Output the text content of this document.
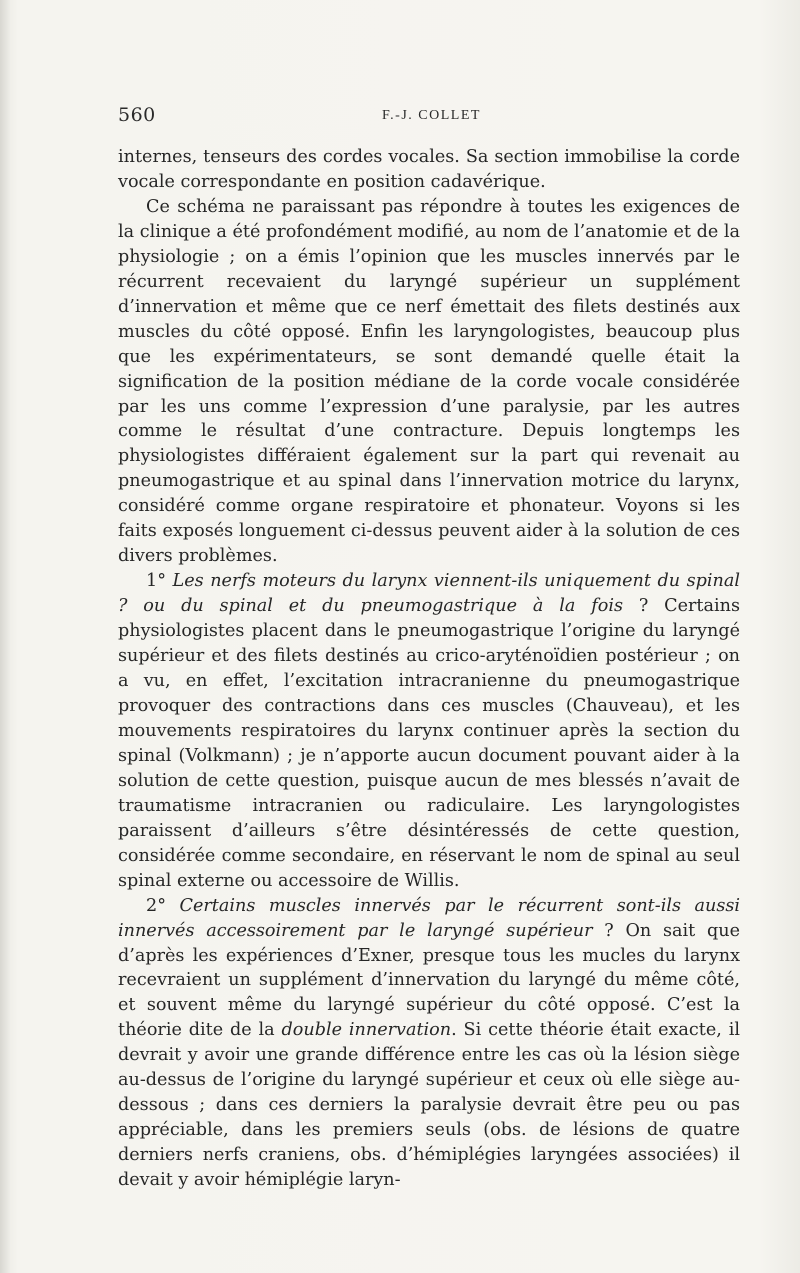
560	F.-J. COLLET

internes, tenseurs des cordes vocales. Sa section immobilise la corde vocale correspondante en position cadavérique.

Ce schéma ne paraissant pas répondre à toutes les exigences de la clinique a été profondément modifié, au nom de l’anatomie et de la physiologie ; on a émis l’opinion que les muscles innervés par le récurrent recevaient du laryngé supérieur un supplément d’innervation et même que ce nerf émettait des filets destinés aux muscles du côté opposé. Enfin les laryngologistes, beaucoup plus que les expérimentateurs, se sont demandé quelle était la signification de la position médiane de la corde vocale considérée par les uns comme l’expression d’une paralysie, par les autres comme le résultat d’une contracture. Depuis longtemps les physiologistes différaient également sur la part qui revenait au pneumogastrique et au spinal dans l’innervation motrice du larynx, considéré comme organe respiratoire et phonateur. Voyons si les faits exposés longuement ci-dessus peuvent aider à la solution de ces divers problèmes.

1° Les nerfs moteurs du larynx viennent-ils uniquement du spinal ? ou du spinal et du pneumogastrique à la fois ? Certains physiologistes placent dans le pneumogastrique l’origine du laryngé supérieur et des filets destinés au crico-aryténoïdien postérieur ; on a vu, en effet, l’excitation intracranienne du pneumogastrique provoquer des contractions dans ces muscles (Chauveau), et les mouvements respiratoires du larynx continuer après la section du spinal (Volkmann) ; je n’apporte aucun document pouvant aider à la solution de cette question, puisque aucun de mes blessés n’avait de traumatisme intracranien ou radiculaire. Les laryngologistes paraissent d’ailleurs s’être désintéressés de cette question, considérée comme secondaire, en réservant le nom de spinal au seul spinal externe ou accessoire de Willis.

2° Certains muscles innervés par le récurrent sont-ils aussi innervés accessoirement par le laryngé supérieur ? On sait que d’après les expériences d’Exner, presque tous les mucles du larynx recevraient un supplément d’innervation du laryngé du même côté, et souvent même du laryngé supérieur du côté opposé. C’est la théorie dite de la double innervation. Si cette théorie était exacte, il devrait y avoir une grande différence entre les cas où la lésion siège au-dessus de l’origine du laryngé supérieur et ceux où elle siège au-dessous ; dans ces derniers la paralysie devrait être peu ou pas appréciable, dans les premiers seuls (obs. de lésions de quatre derniers nerfs craniens, obs. d’hémiplégies laryngées associées) il devait y avoir hémiplégie laryn-
